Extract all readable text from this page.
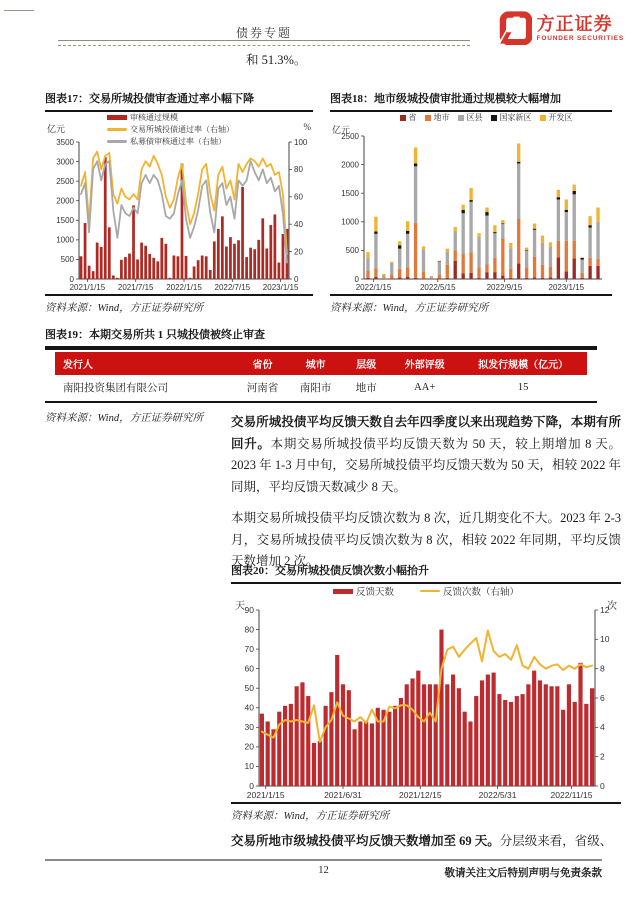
债券专题	方正证券
FOUNDER SECURITIES

和 51.3%。

图表17：交易所城投债审查通过率小幅下降
亿元	%
审核通过规模
交易所城投债通过率（右轴）
私募债审核通过率（右轴）
0
500
1000
1500
2000
2500
3000
3500
0
20
40
60
80
100
2021/1/15 2021/7/15 2022/1/15 2022/7/15 2023/1/15
资料来源：Wind，方正证券研究所
图表18：地市级城投债审批通过规模较大幅增加
亿元
省 地市 区县 国家新区 开发区
0
500
1000
1500
2000
2500
2022/1/15	2022/5/15	2022/9/15	2023/1/15
资料来源：Wind，方正证券研究所
图表19：本期交易所共 1 只城投债被终止审查
发行人	省份	城市	层级	外部评级	拟发行规模（亿元）
南阳投资集团有限公司	河南省	南阳市	地市	AA+	15
资料来源：Wind，方正证券研究所	交易所城投债平均反馈天数自去年四季度以来出现趋势下降，本期有所回升。本期交易所城投债平均反馈天数为 50 天，较上期增加 8 天。2023 年 1-3 月中旬，交易所城投债平均反馈天数为 50 天，相较 2022 年同期，平均反馈天数减少 8 天。

本期交易所城投债平均反馈次数为 8 次，近几期变化不大。2023 年 2-3 月，交易所城投债平均反馈次数为 8 次，相较 2022 年同期，平均反馈天数增加 2 次。

图表20：交易所城投债反馈次数小幅抬升
天	次
反馈天数	反馈次数（右轴）
0
10
20
30
40
50
60
70
80
90
0
2
4
6
8
10
12
2021/1/15	2021/6/31	2021/12/15	2022/5/31	2022/11/15
资料来源：Wind，方正证券研究所

交易所地市级城投债平均反馈天数增加至 69 天。分层级来看，省级、

12	敬请关注文后特别声明与免责条款
